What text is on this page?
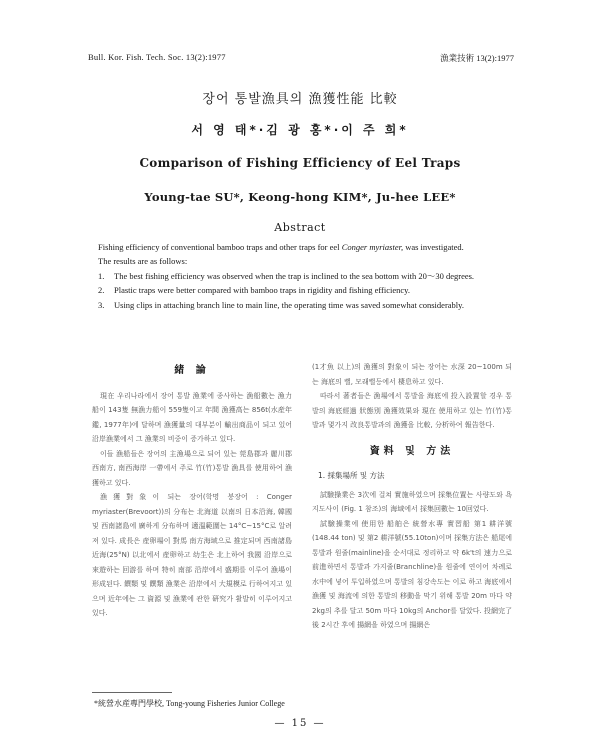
Bull. Kor. Fish. Tech. Soc. 13(2):1977	漁業技術 13(2):1977
장어 통발漁具의 漁獲性能 比較
서 영 태*·김 광 홍*·이 주 희*
Comparison of Fishing Efficiency of Eel Traps
Young-tae SU*, Keong-hong KIM*, Ju-hee LEE*
Abstract

Fishing efficiency of conventional bamboo traps and other traps for eel Conger myriaster, was investigated.

The results are as follows:

1.	The best fishing efficiency was observed when the trap is inclined to the sea bottom with 20～30 degrees.
2.	Plastic traps were better compared with bamboo traps in rigidity and fishing efficiency.
3.	Using clips in attaching branch line to main line, the operating time was saved somewhat considerably.
緒 論

現在 우리나라에서 장어 통발 漁業에 종사하는 漁船數는 漁力船이 143隻 無漁力船이 559隻이고 年間 漁獲高는 856t(水産年鑑, 1977年)에 달하며 漁獲量의 대부분이 輸出商品이 되고 있어 沿岸漁業에서 그 漁業의 비중이 증가하고 있다.

이들 漁船들은 장어의 主漁場으로 되어 있는 莞島郡과 麗川郡 西南方, 南西海岸 一帶에서 주로 竹(竹)통발 漁具를 使用하여 漁獲하고 있다.

漁獲對象이 되는 장어(학명 붕장어 : Conger myriaster(Brevoort))의 分布는 北海道 以南의 日本沿海, 韓國 및 西南諸島에 廣하게 分布하며 適溫範圍는 14°C~15°C로 알려져 있다. 成長은 産卵場이 對馬 南方海域으로 推定되며 西南諸島 近海(25°N) 以北에서 産卵하고 幼生은 北上하여 我國 沿岸으로 來遊하는 回游를 하며 特히 南部 沿岸에서 盛期를 이루어 漁場이 形成된다. 饌類 및 饌類 漁業은 沿岸에서 大規模로 行하여지고 있으며 近年에는 그 資源 및 漁業에 관한 硏究가 활발히 이루어지고 있다.

(1才魚 以上)의 漁獲의 對象이 되는 장어는 水深 20~100m 되는 海底의 뻘, 모래뻘등에서 棲息하고 있다.

따라서 著者들은 漁場에서 통발을 海底에 投入設置할 경우 통발의 海底經過 狀態別 漁獲效果와 現在 使用하고 있는 竹(竹)통발과 몇가지 改良통발과의 漁獲을 比較, 分析하여 報告한다.

資料 및 方法
1. 採集場所 및 方法

試驗操業은 3次에 걸쳐 實施하였으며 採集位置는 사량도와 욕지도사이 (Fig. 1 참조)의 海域에서 採集回數는 10回였다.

試驗操業에 使用한 船舶은 統營水專 實習船 第1 耕洋號(148.44 ton) 및 第2 耕洋號(55.10ton)이며 採集方法은 船尾에 통발과 원줄(mainline)을 순서대로 정리하고 약 6k't의 速力으로 前進하면서 통발과 가지줄(Branchline)을 원줄에 연이어 차례로 水中에 넣어 투입하였으며 통발의 침강속도는 이로 하고 海底에서 漁獲 및 海流에 의한 통발의 移動을 막기 위해 통발 20m 마다 약 2kg의 추를 달고 50m 마다 10kg의 Anchor를 달았다. 投網完了後 2시간 후에 揚網을 하였으며 揚網은

*統營水産專門學校, Tong-young Fisheries Junior College
— 15 —
